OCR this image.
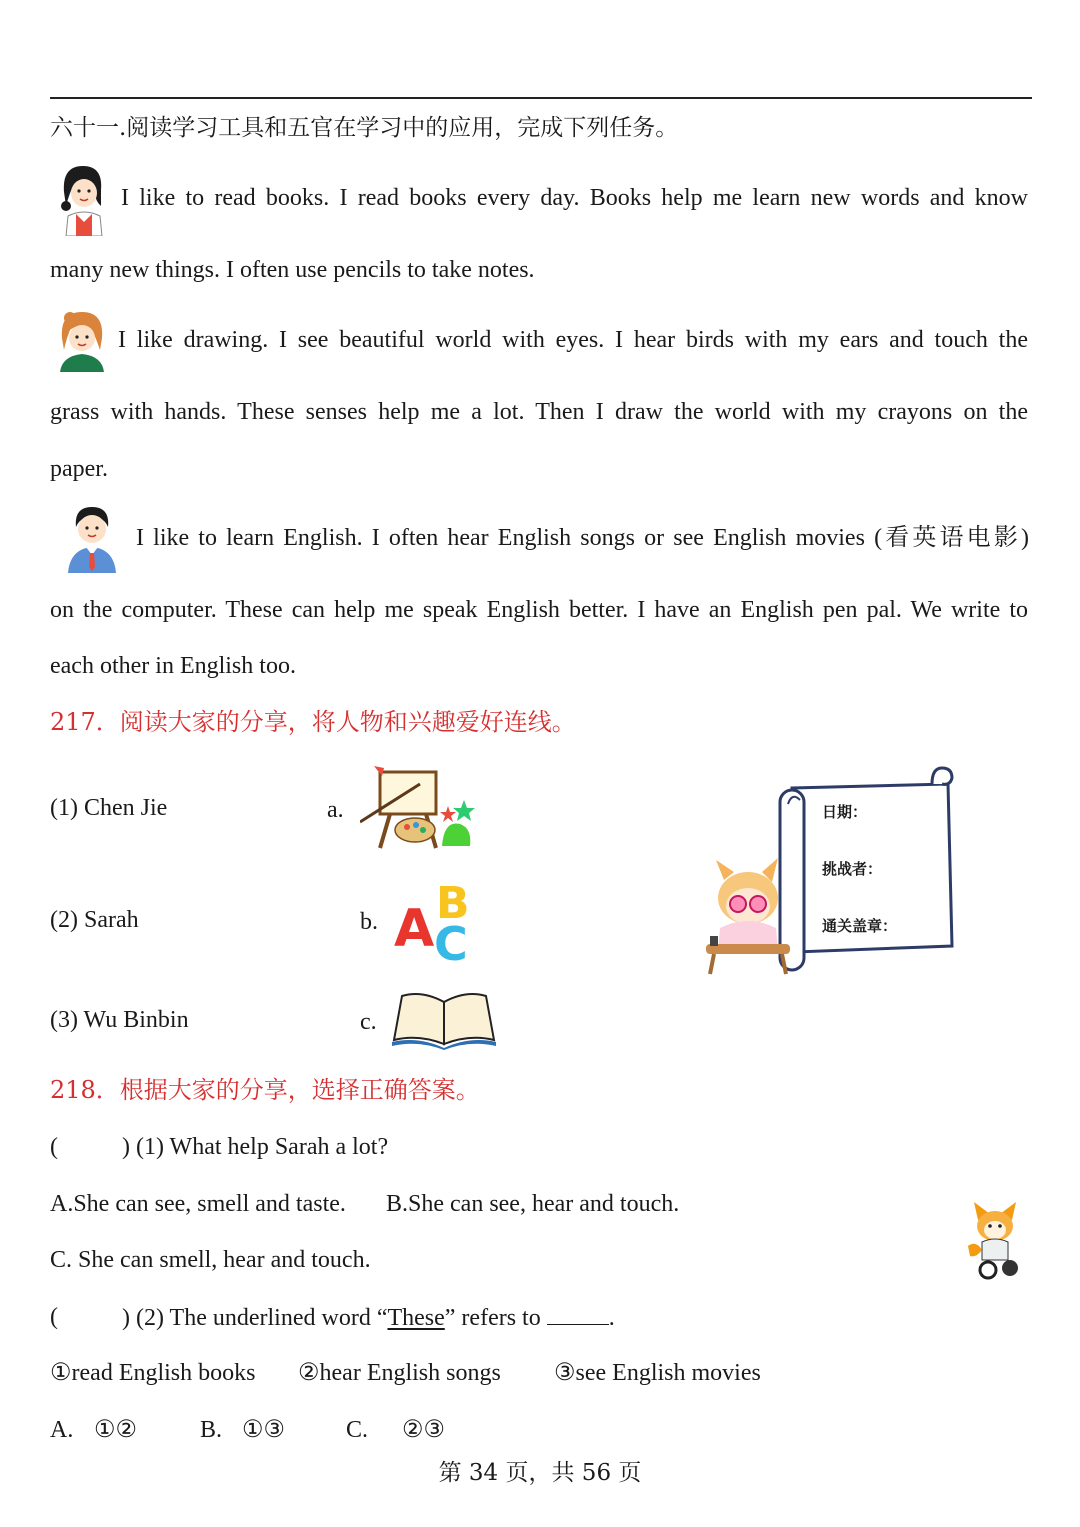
六十一.阅读学习工具和五官在学习中的应用，完成下列任务。
I like to read books. I read books every day. Books help me learn new words and know
many new things. I often use pencils to take notes.
I like drawing. I see beautiful world with eyes. I hear birds with my ears and touch the
grass with hands. These senses help me a lot. Then I draw the world with my crayons on the
paper.
I like to learn English. I often hear English songs or see English movies (看英语电影)
on the computer. These can help me speak English better. I have an English pen pal. We write to
each other in English too.
217．阅读大家的分享，将人物和兴趣爱好连线。
(1) Chen Jie
(2) Sarah
(3) Wu Binbin
a.
b.
c.
A B
C
日期：
挑战者：
通关盖章：
218．根据大家的分享，选择正确答案。
(	) (1) What help Sarah a lot?
A.She can see, smell and taste. B.She can see, hear and touch.
C. She can smell, hear and touch.
(	) (2) The underlined word “These” refers to	.
①read English books ②hear English songs ③see English movies
A. ①②	B. ①③	C. ②③
第 34 页，共 56 页
